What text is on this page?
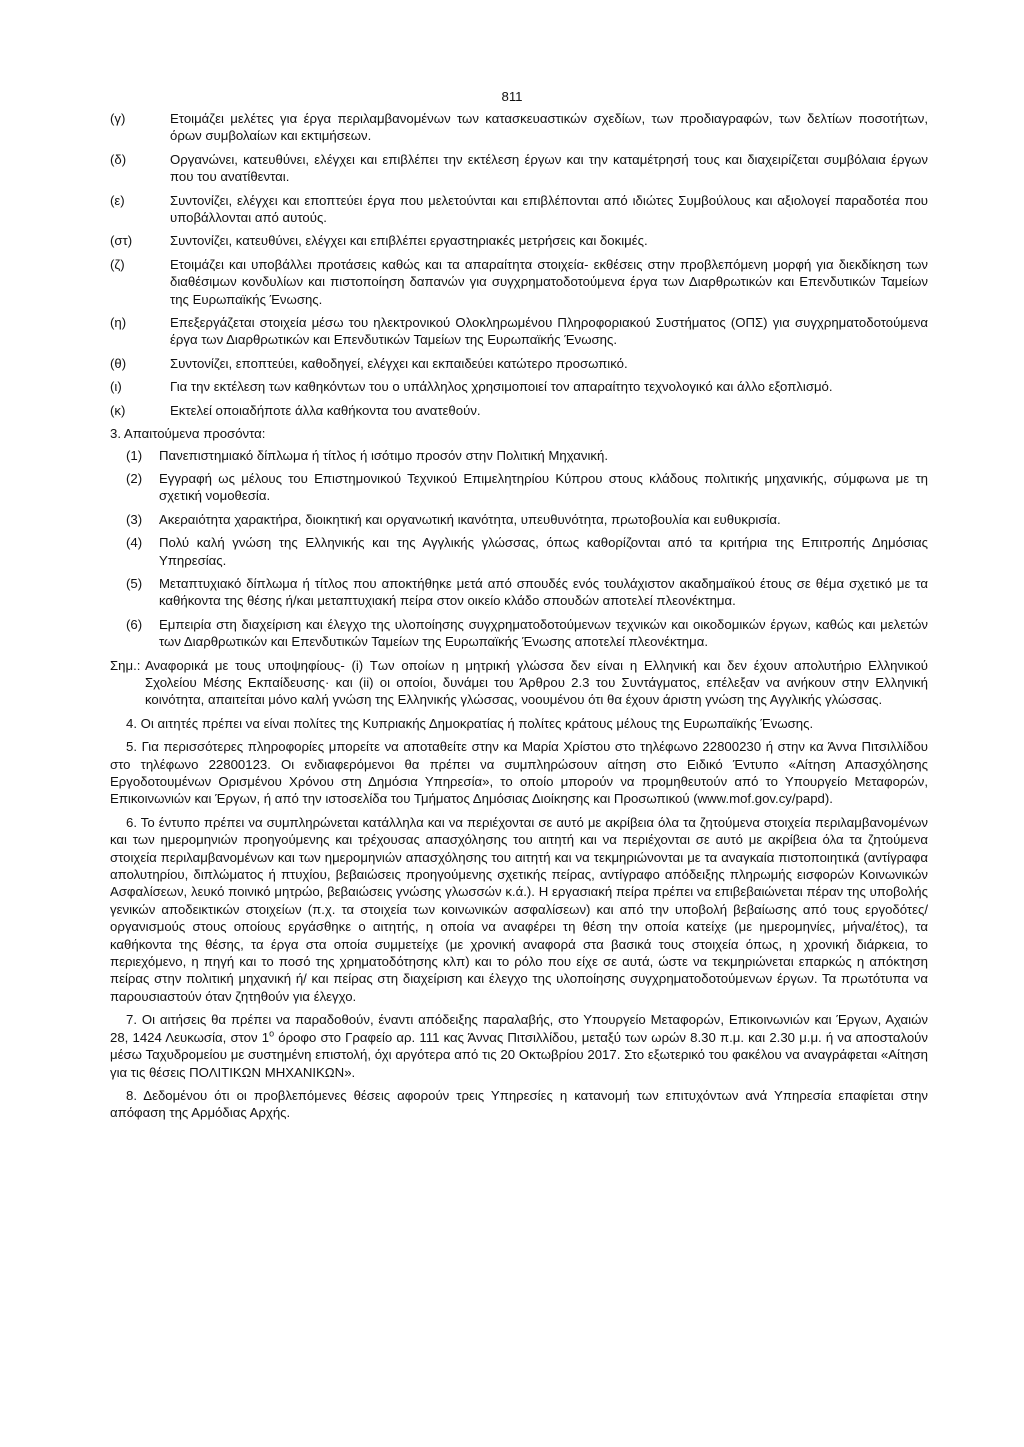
811
(γ)	Ετοιμάζει μελέτες για έργα περιλαμβανομένων των κατασκευαστικών σχεδίων, των προδιαγραφών, των δελτίων ποσοτήτων, όρων συμβολαίων και εκτιμήσεων.
(δ)	Οργανώνει, κατευθύνει, ελέγχει και επιβλέπει την εκτέλεση έργων και την καταμέτρησή τους και διαχειρίζεται συμβόλαια έργων που του ανατίθενται.
(ε)	Συντονίζει, ελέγχει και εποπτεύει έργα που μελετούνται και επιβλέπονται από ιδιώτες Συμβούλους και αξιολογεί παραδοτέα που υποβάλλονται από αυτούς.
(στ)	Συντονίζει, κατευθύνει, ελέγχει και επιβλέπει εργαστηριακές μετρήσεις και δοκιμές.
(ζ)	Ετοιμάζει και υποβάλλει προτάσεις καθώς και τα απαραίτητα στοιχεία- εκθέσεις στην προβλεπόμενη μορφή για διεκδίκηση των διαθέσιμων κονδυλίων και πιστοποίηση δαπανών για συγχρηματοδοτούμενα έργα των Διαρθρωτικών και Επενδυτικών Ταμείων της Ευρωπαϊκής Ένωσης.
(η)	Επεξεργάζεται στοιχεία μέσω του ηλεκτρονικού Ολοκληρωμένου Πληροφοριακού Συστήματος (ΟΠΣ) για συγχρηματοδοτούμενα έργα των Διαρθρωτικών και Επενδυτικών Ταμείων της Ευρωπαϊκής Ένωσης.
(θ)	Συντονίζει, εποπτεύει, καθοδηγεί, ελέγχει και εκπαιδεύει κατώτερο προσωπικό.
(ι)	Για την εκτέλεση των καθηκόντων του ο υπάλληλος χρησιμοποιεί τον απαραίτητο τεχνολογικό και άλλο εξοπλισμό.
(κ)	Εκτελεί οποιαδήποτε άλλα καθήκοντα του ανατεθούν.
3. Απαιτούμενα προσόντα:
(1)	Πανεπιστημιακό δίπλωμα ή τίτλος ή ισότιμο προσόν στην Πολιτική Μηχανική.
(2)	Εγγραφή ως μέλους του Επιστημονικού Τεχνικού Επιμελητηρίου Κύπρου στους κλάδους πολιτικής μηχανικής, σύμφωνα με τη σχετική νομοθεσία.
(3)	Ακεραιότητα χαρακτήρα, διοικητική και οργανωτική ικανότητα, υπευθυνότητα, πρωτοβουλία και ευθυκρισία.
(4)	Πολύ καλή γνώση της Ελληνικής και της Αγγλικής γλώσσας, όπως καθορίζονται από τα κριτήρια της Επιτροπής Δημόσιας Υπηρεσίας.
(5)	Μεταπτυχιακό δίπλωμα ή τίτλος που αποκτήθηκε μετά από σπουδές ενός τουλάχιστον ακαδημαϊκού έτους σε θέμα σχετικό με τα καθήκοντα της θέσης ή/και μεταπτυχιακή πείρα στον οικείο κλάδο σπουδών αποτελεί πλεονέκτημα.
(6)	Εμπειρία στη διαχείριση και έλεγχο της υλοποίησης συγχρηματοδοτούμενων τεχνικών και οικοδομικών έργων, καθώς και μελετών των Διαρθρωτικών και Επενδυτικών Ταμείων της Ευρωπαϊκής Ένωσης αποτελεί πλεονέκτημα.
Σημ.: Αναφορικά με τους υποψηφίους- (i) Των οποίων η μητρική γλώσσα δεν είναι η Ελληνική και δεν έχουν απολυτήριο Ελληνικού Σχολείου Μέσης Εκπαίδευσης· και (ii) οι οποίοι, δυνάμει του Άρθρου 2.3 του Συντάγματος, επέλεξαν να ανήκουν στην Ελληνική κοινότητα, απαιτείται μόνο καλή γνώση της Ελληνικής γλώσσας, νοουμένου ότι θα έχουν άριστη γνώση της Αγγλικής γλώσσας.

4. Οι αιτητές πρέπει να είναι πολίτες της Κυπριακής Δημοκρατίας ή πολίτες κράτους μέλους της Ευρωπαϊκής Ένωσης.

5. Για περισσότερες πληροφορίες μπορείτε να αποταθείτε στην κα Μαρία Χρίστου στο τηλέφωνο 22800230 ή στην κα Άννα Πιτσιλλίδου στο τηλέφωνο 22800123. Οι ενδιαφερόμενοι θα πρέπει να συμπληρώσουν αίτηση στο Ειδικό Έντυπο «Αίτηση Απασχόλησης Εργοδοτουμένων Ορισμένου Χρόνου στη Δημόσια Υπηρεσία», το οποίο μπορούν να προμηθευτούν από το Υπουργείο Μεταφορών, Επικοινωνιών και Έργων, ή από την ιστοσελίδα του Τμήματος Δημόσιας Διοίκησης και Προσωπικού (www.mof.gov.cy/papd).

6. Το έντυπο πρέπει να συμπληρώνεται κατάλληλα και να περιέχονται σε αυτό με ακρίβεια όλα τα ζητούμενα στοιχεία περιλαμβανομένων και των ημερομηνιών προηγούμενης και τρέχουσας απασχόλησης του αιτητή και να περιέχονται σε αυτό με ακρίβεια όλα τα ζητούμενα στοιχεία περιλαμβανομένων και των ημερομηνιών απασχόλησης του αιτητή και να τεκμηριώνονται με τα αναγκαία πιστοποιητικά (αντίγραφα απολυτηρίου, διπλώματος ή πτυχίου, βεβαιώσεις προηγούμενης σχετικής πείρας, αντίγραφο απόδειξης πληρωμής εισφορών Κοινωνικών Ασφαλίσεων, λευκό ποινικό μητρώο, βεβαιώσεις γνώσης γλωσσών κ.ά.). Η εργασιακή πείρα πρέπει να επιβεβαιώνεται πέραν της υποβολής γενικών αποδεικτικών στοιχείων (π.χ. τα στοιχεία των κοινωνικών ασφαλίσεων) και από την υποβολή βεβαίωσης από τους εργοδότες/οργανισμούς στους οποίους εργάσθηκε ο αιτητής, η οποία να αναφέρει τη θέση την οποία κατείχε (με ημερομηνίες, μήνα/έτος), τα καθήκοντα της θέσης, τα έργα στα οποία συμμετείχε (με χρονική αναφορά στα βασικά τους στοιχεία όπως, η χρονική διάρκεια, το περιεχόμενο, η πηγή και το ποσό της χρηματοδότησης κλπ) και το ρόλο που είχε σε αυτά, ώστε να τεκμηριώνεται επαρκώς η απόκτηση πείρας στην πολιτική μηχανική ή/ και πείρας στη διαχείριση και έλεγχο της υλοποίησης συγχρηματοδοτούμενων έργων. Τα πρωτότυπα να παρουσιαστούν όταν ζητηθούν για έλεγχο.

7. Οι αιτήσεις θα πρέπει να παραδοθούν, έναντι απόδειξης παραλαβής, στο Υπουργείο Μεταφορών, Επικοινωνιών και Έργων, Αχαιών 28, 1424 Λευκωσία, στον $1^o$ όροφο στο Γραφείο αρ. 111 κας Άννας Πιτσιλλίδου, μεταξύ των ωρών 8.30 π.μ. και 2.30 μ.μ. ή να αποσταλούν μέσω Ταχυδρομείου με συστημένη επιστολή, όχι αργότερα από τις 20 Οκτωβρίου 2017. Στο εξωτερικό του φακέλου να αναγράφεται «Αίτηση για τις θέσεις ΠΟΛΙΤΙΚΩΝ ΜΗΧΑΝΙΚΩΝ».

8. Δεδομένου ότι οι προβλεπόμενες θέσεις αφορούν τρεις Υπηρεσίες η κατανομή των επιτυχόντων ανά Υπηρεσία επαφίεται στην απόφαση της Αρμόδιας Αρχής.
